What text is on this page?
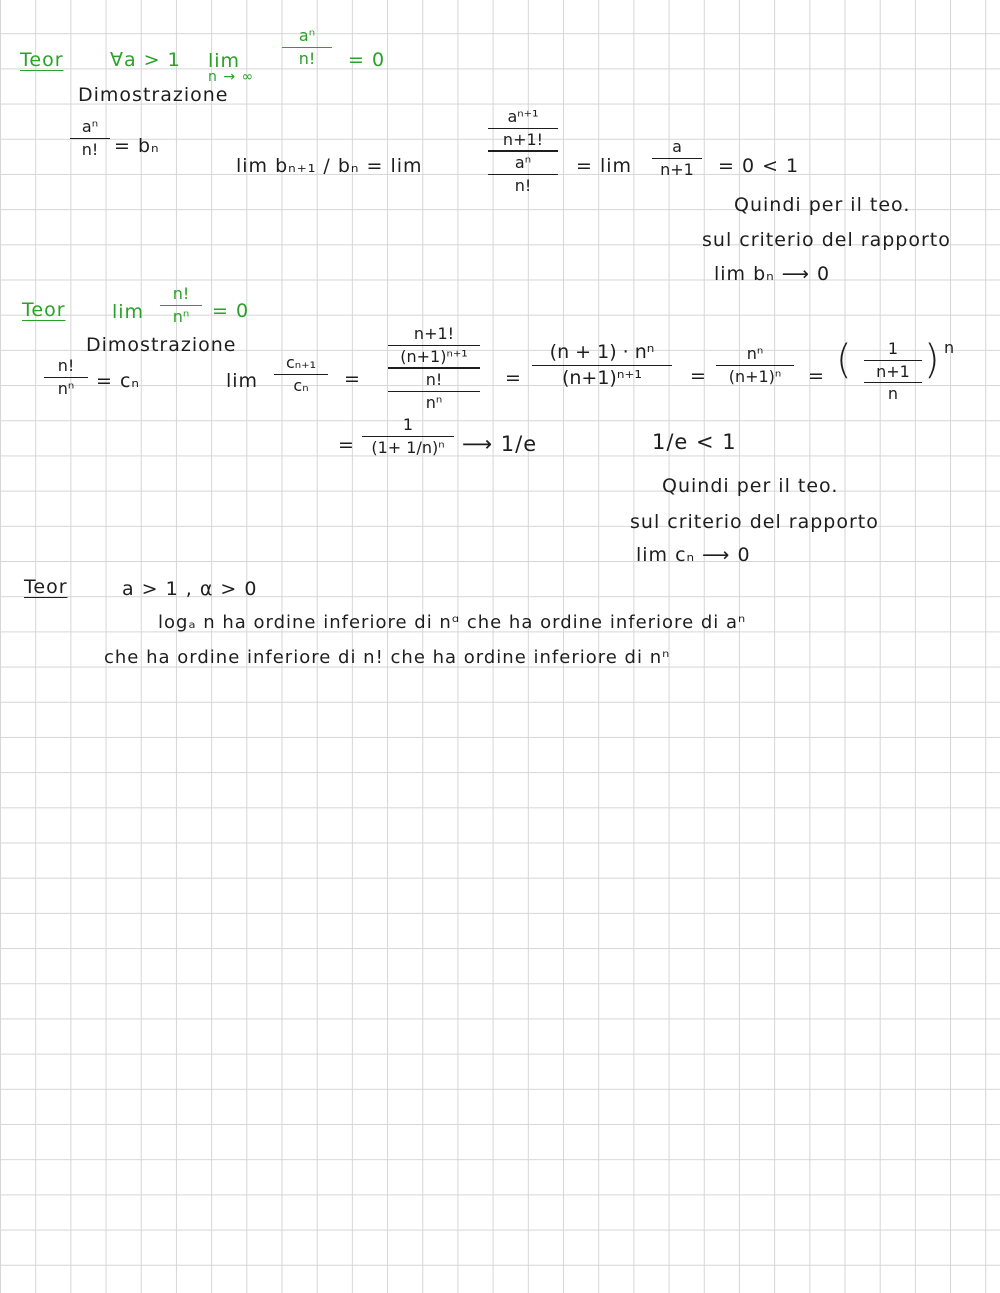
Teor ∀a > 1 lim
n → ∞
aⁿ
n! = 0
Dimostrazione
aⁿ
n! = bₙ
lim bₙ₊₁ / bₙ = lim
aⁿ⁺¹
n+1!
aⁿ
n!
= lim
a
n+1 = 0 < 1
Quindi per il teo.
sul criterio del rapporto
lim bₙ ⟶ 0
Teor lim
n!
nⁿ = 0
Dimostrazione
n!
nⁿ = cₙ	lim
cₙ₊₁
cₙ =
n+1!
(n+1)ⁿ⁺¹
n!
nⁿ
=
(n + 1) · nⁿ
(n+1)ⁿ⁺¹	=
nⁿ
(n+1)ⁿ = ( 1
n+1
n
) n
=
1
(1+ 1/n)ⁿ ⟶ 1/e	1/e < 1
Quindi per il teo.
sul criterio del rapporto
lim cₙ ⟶ 0
Teor	a > 1 , α > 0
logₐ n ha ordine inferiore di nᵅ che ha ordine inferiore di aⁿ
che ha ordine inferiore di n! che ha ordine inferiore di nⁿ
